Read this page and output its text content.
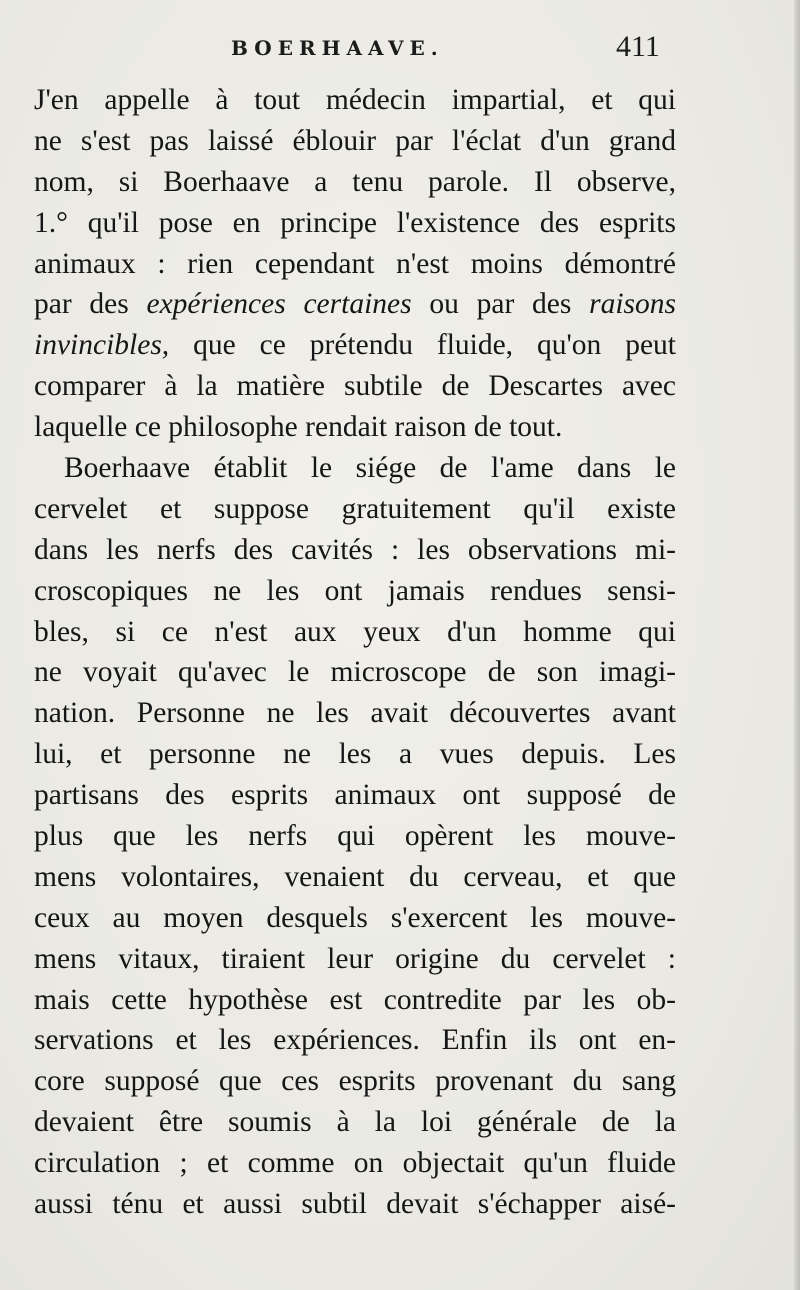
BOERHAAVE.	411
J'en appelle à tout médecin impartial, et qui
ne s'est pas laissé éblouir par l'éclat d'un grand
nom, si Boerhaave a tenu parole. Il observe,
1.° qu'il pose en principe l'existence des esprits
animaux : rien cependant n'est moins démontré
par des expériences certaines ou par des raisons
invincibles, que ce prétendu fluide, qu'on peut
comparer à la matière subtile de Descartes avec
laquelle ce philosophe rendait raison de tout.
Boerhaave établit le siége de l'ame dans le
cervelet et suppose gratuitement qu'il existe
dans les nerfs des cavités : les observations mi-
croscopiques ne les ont jamais rendues sensi-
bles, si ce n'est aux yeux d'un homme qui
ne voyait qu'avec le microscope de son imagi-
nation. Personne ne les avait découvertes avant
lui, et personne ne les a vues depuis. Les
partisans des esprits animaux ont supposé de
plus que les nerfs qui opèrent les mouve-
mens volontaires, venaient du cerveau, et que
ceux au moyen desquels s'exercent les mouve-
mens vitaux, tiraient leur origine du cervelet :
mais cette hypothèse est contredite par les ob-
servations et les expériences. Enfin ils ont en-
core supposé que ces esprits provenant du sang
devaient être soumis à la loi générale de la
circulation ; et comme on objectait qu'un fluide
aussi ténu et aussi subtil devait s'échapper aisé-
